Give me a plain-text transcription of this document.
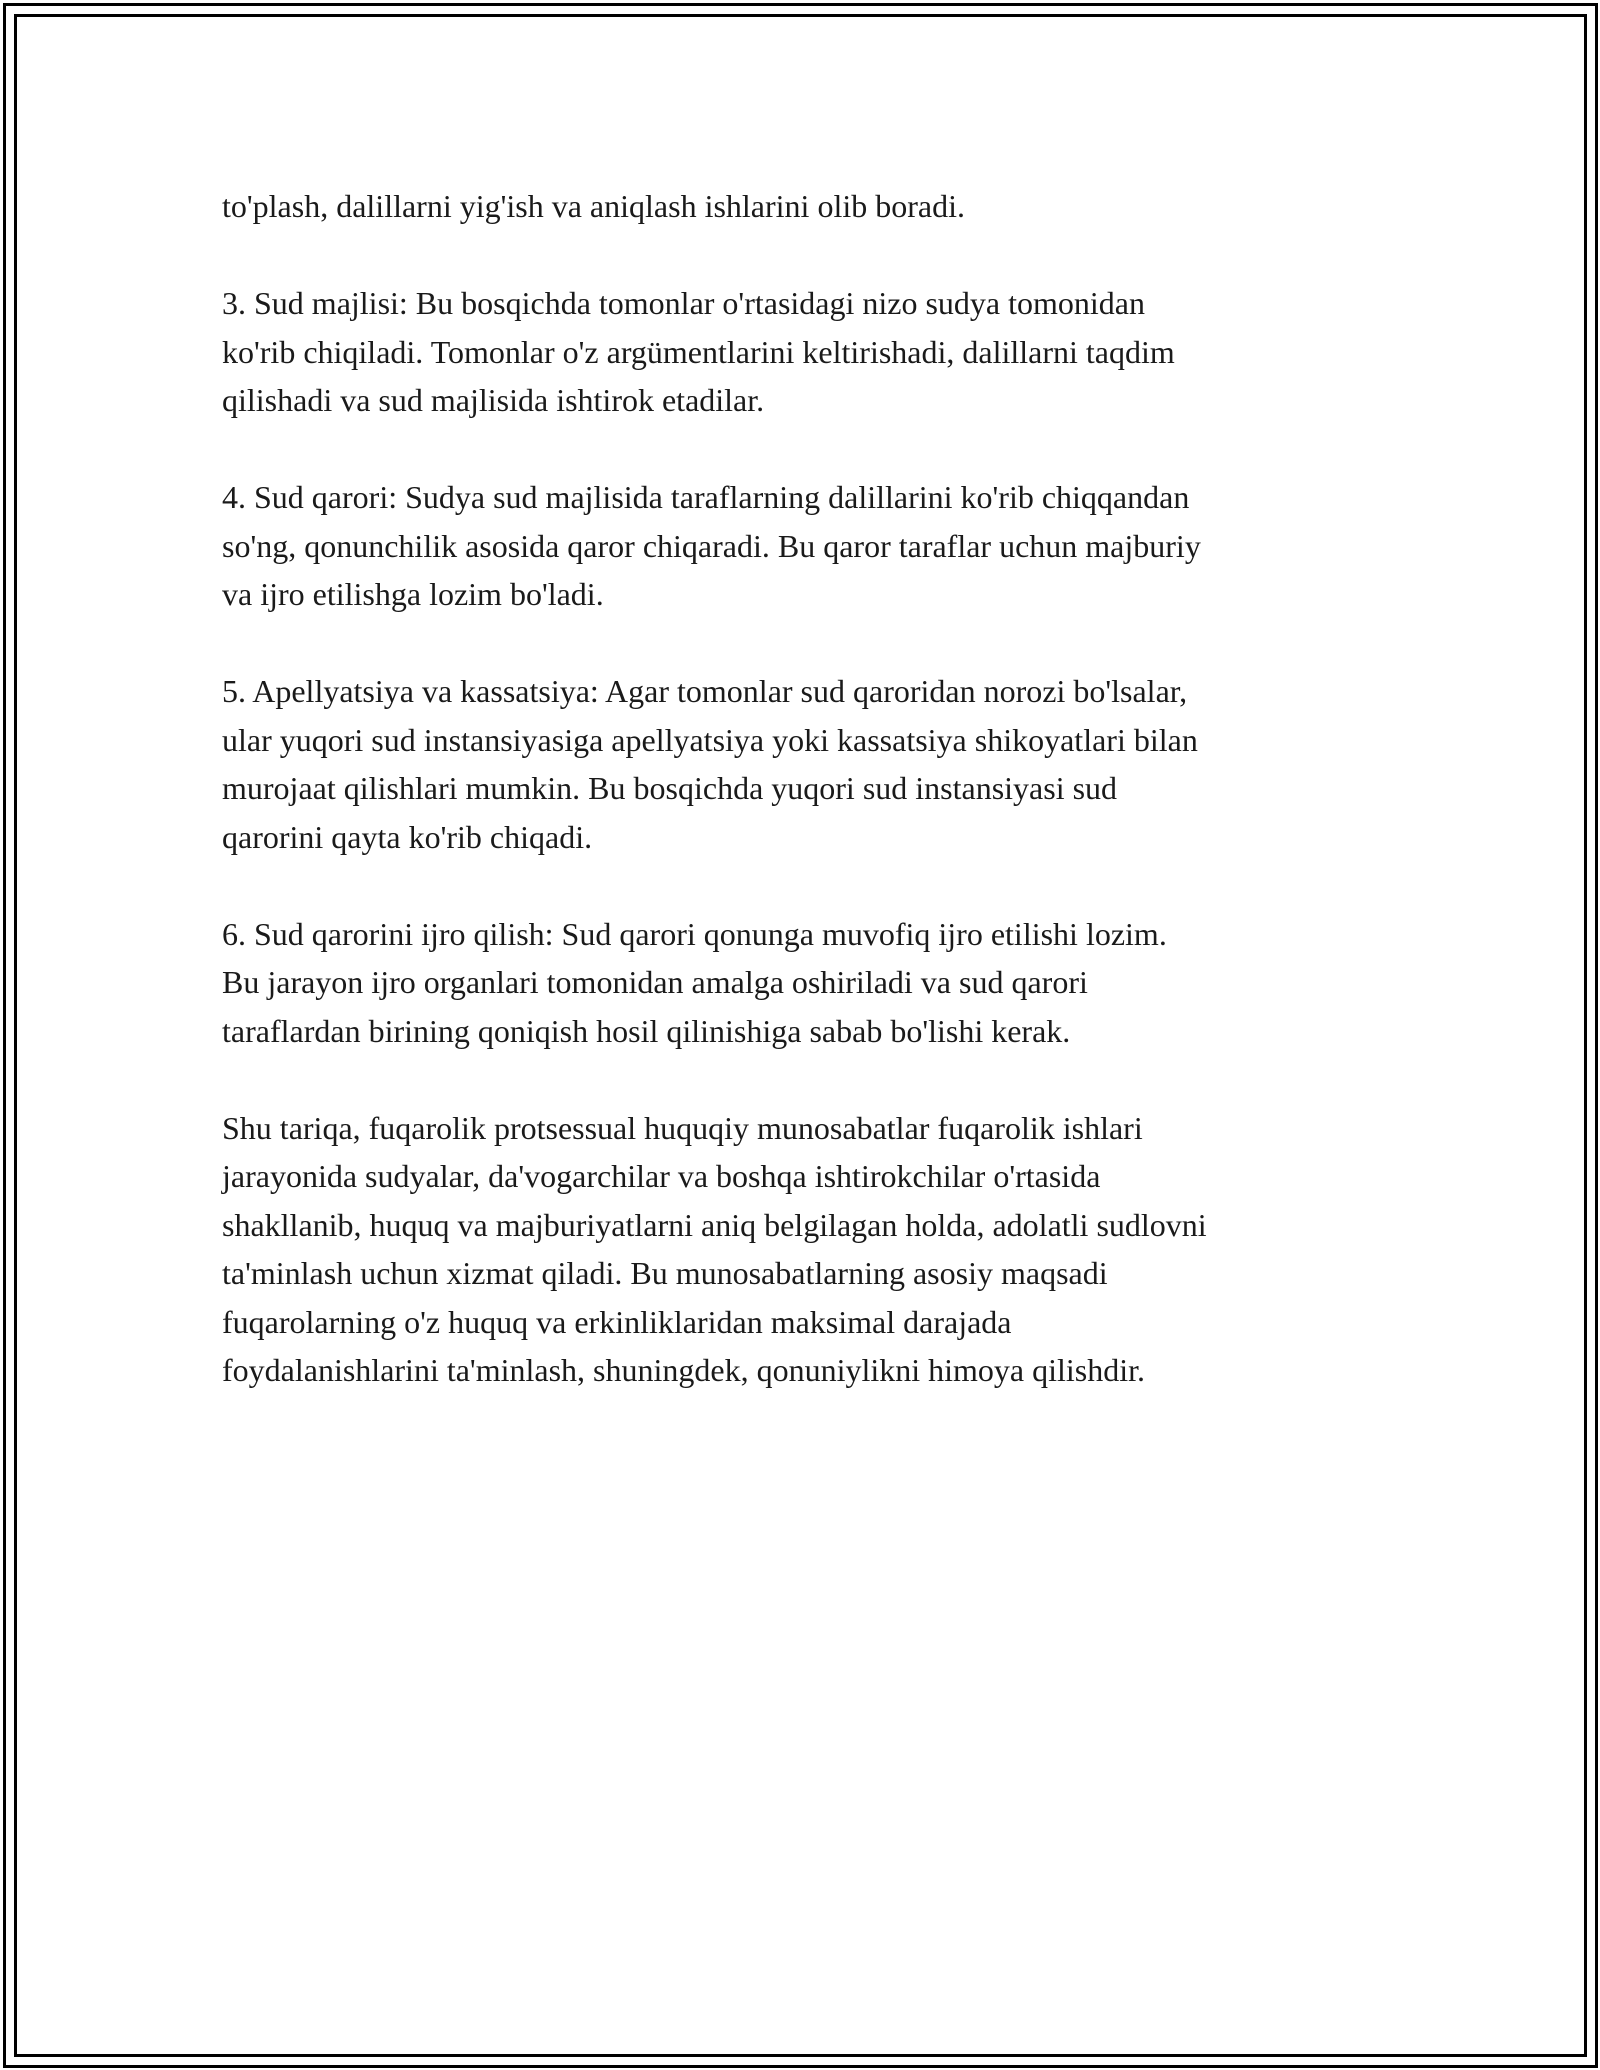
to'plash, dalillarni yig'ish va aniqlash ishlarini olib boradi.

3. Sud majlisi: Bu bosqichda tomonlar o'rtasidagi nizo sudya tomonidan
ko'rib chiqiladi. Tomonlar o'z argümentlarini keltirishadi, dalillarni taqdim
qilishadi va sud majlisida ishtirok etadilar.

4. Sud qarori: Sudya sud majlisida taraflarning dalillarini ko'rib chiqqandan
so'ng, qonunchilik asosida qaror chiqaradi. Bu qaror taraflar uchun majburiy
va ijro etilishga lozim bo'ladi.

5. Apellyatsiya va kassatsiya: Agar tomonlar sud qaroridan norozi bo'lsalar,
ular yuqori sud instansiyasiga apellyatsiya yoki kassatsiya shikoyatlari bilan
murojaat qilishlari mumkin. Bu bosqichda yuqori sud instansiyasi sud
qarorini qayta ko'rib chiqadi.

6. Sud qarorini ijro qilish: Sud qarori qonunga muvofiq ijro etilishi lozim.
Bu jarayon ijro organlari tomonidan amalga oshiriladi va sud qarori
taraflardan birining qoniqish hosil qilinishiga sabab bo'lishi kerak.

Shu tariqa, fuqarolik protsessual huquqiy munosabatlar fuqarolik ishlari
jarayonida sudyalar, da'vogarchilar va boshqa ishtirokchilar o'rtasida
shakllanib, huquq va majburiyatlarni aniq belgilagan holda, adolatli sudlovni
ta'minlash uchun xizmat qiladi. Bu munosabatlarning asosiy maqsadi
fuqarolarning o'z huquq va erkinliklaridan maksimal darajada
foydalanishlarini ta'minlash, shuningdek, qonuniylikni himoya qilishdir.
